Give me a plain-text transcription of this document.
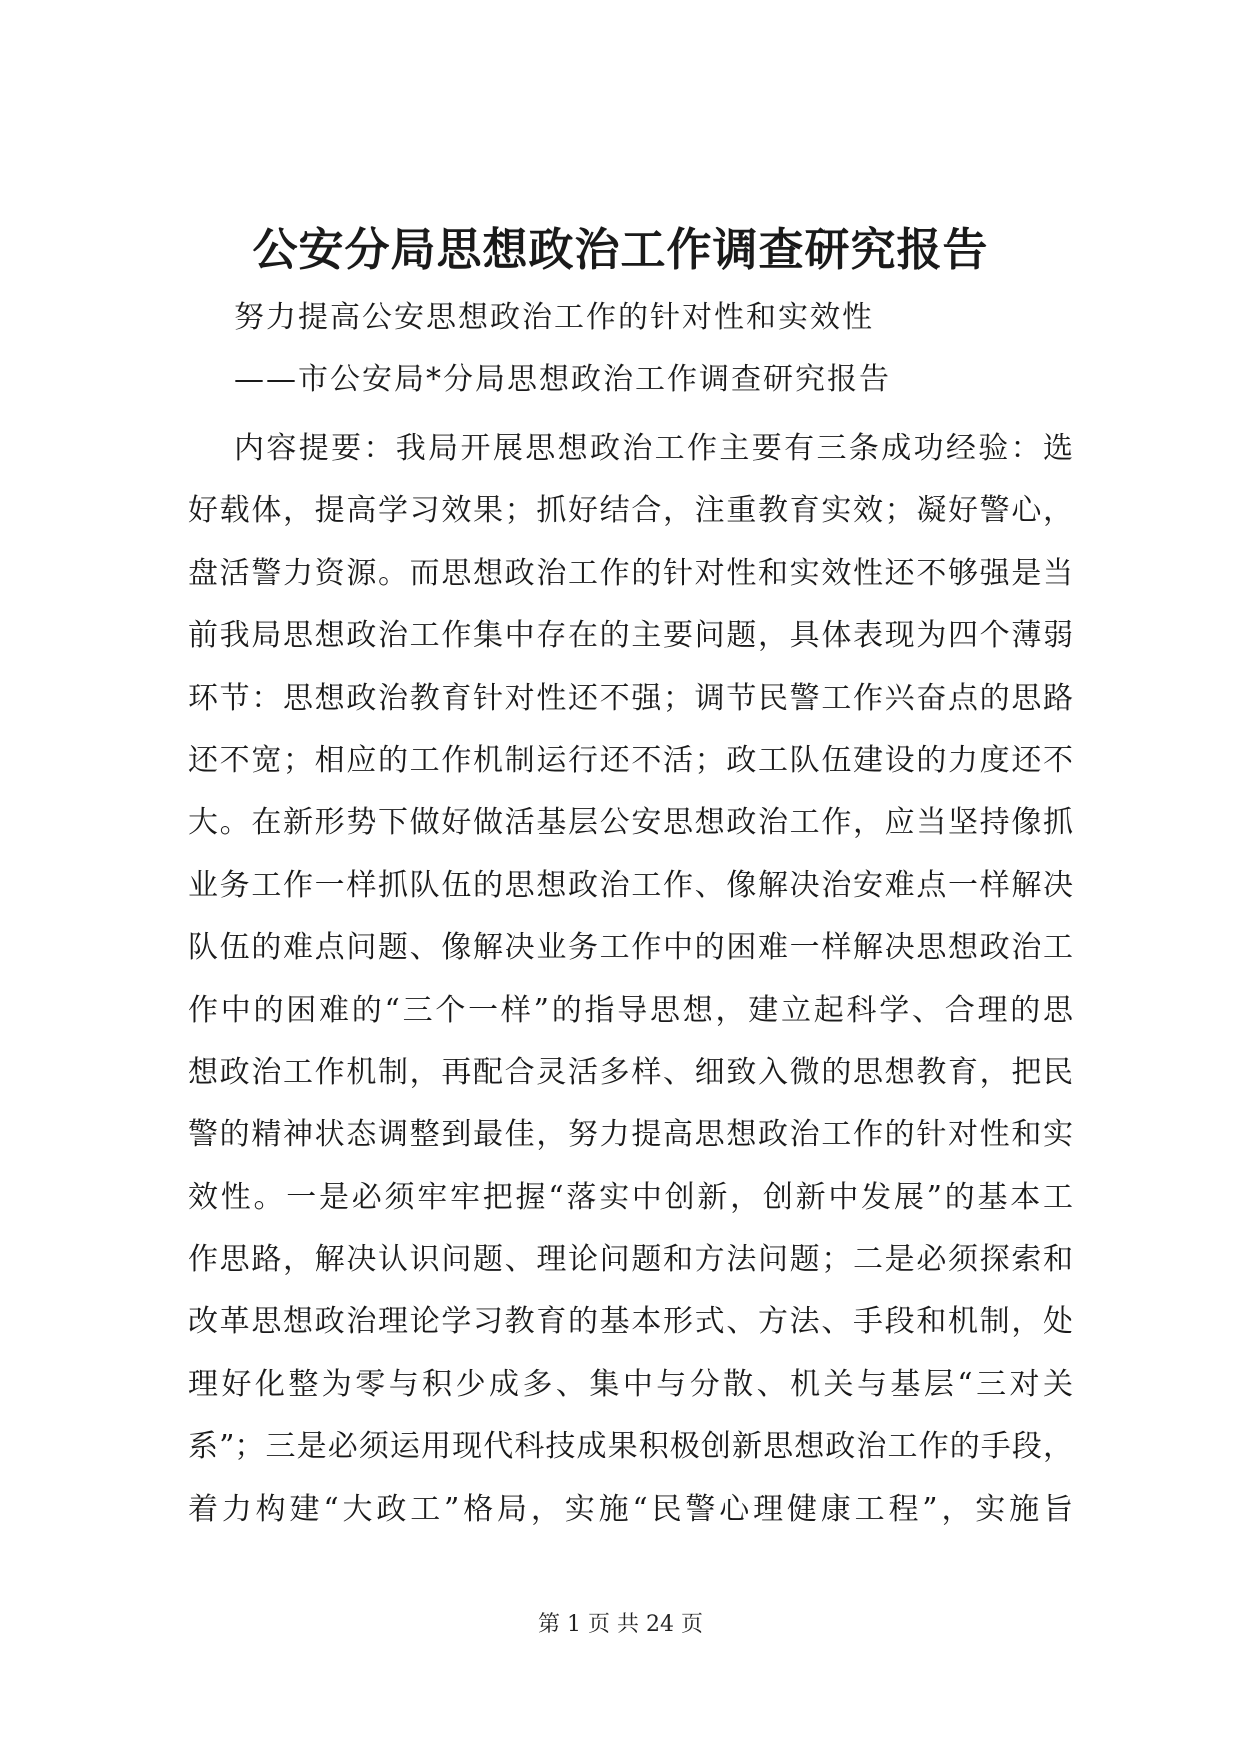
公安分局思想政治工作调查研究报告
努力提高公安思想政治工作的针对性和实效性
——市公安局*分局思想政治工作调查研究报告
内容提要：我局开展思想政治工作主要有三条成功经验：选
好载体，提高学习效果；抓好结合，注重教育实效；凝好警心，
盘活警力资源。而思想政治工作的针对性和实效性还不够强是当
前我局思想政治工作集中存在的主要问题，具体表现为四个薄弱
环节：思想政治教育针对性还不强；调节民警工作兴奋点的思路
还不宽；相应的工作机制运行还不活；政工队伍建设的力度还不
大。在新形势下做好做活基层公安思想政治工作，应当坚持像抓
业务工作一样抓队伍的思想政治工作、像解决治安难点一样解决
队伍的难点问题、像解决业务工作中的困难一样解决思想政治工
作中的困难的“三个一样”的指导思想，建立起科学、合理的思
想政治工作机制，再配合灵活多样、细致入微的思想教育，把民
警的精神状态调整到最佳，努力提高思想政治工作的针对性和实
效性。一是必须牢牢把握“落实中创新，创新中发展”的基本工
作思路，解决认识问题、理论问题和方法问题；二是必须探索和
改革思想政治理论学习教育的基本形式、方法、手段和机制，处
理好化整为零与积少成多、集中与分散、机关与基层“三对关
系”；三是必须运用现代科技成果积极创新思想政治工作的手段，
着力构建“大政工”格局，实施“民警心理健康工程”，实施旨
第 1 页 共 24 页
